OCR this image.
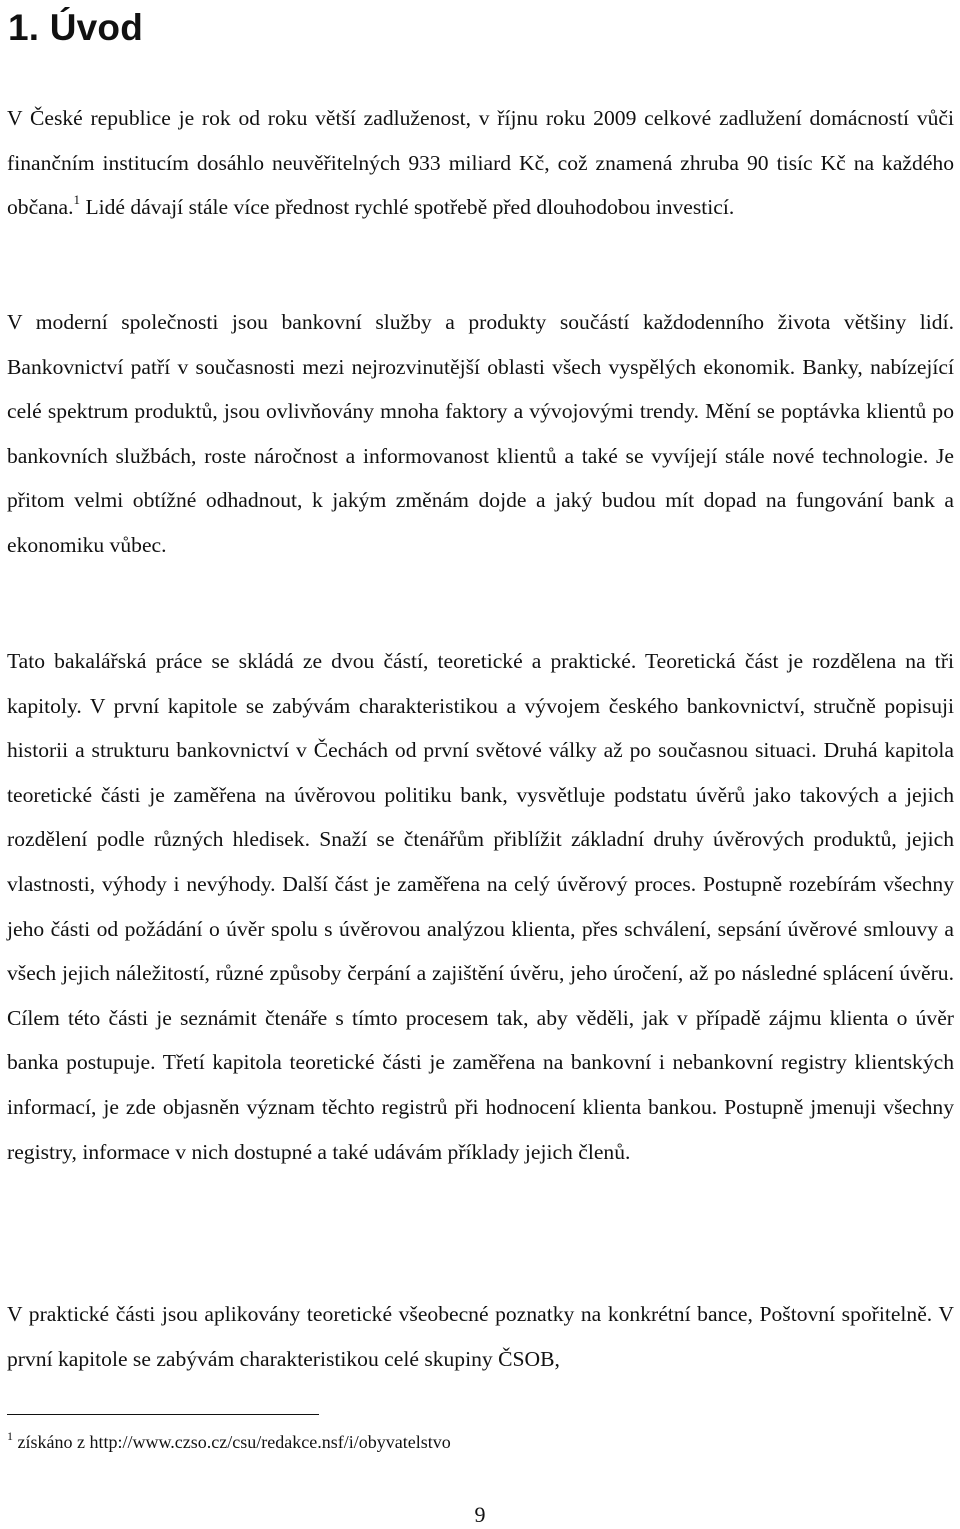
1. Úvod

V České republice je rok od roku větší zadluženost, v říjnu roku 2009 celkové zadlužení domácností vůči finančním institucím dosáhlo neuvěřitelných 933 miliard Kč, což znamená zhruba 90 tisíc Kč na každého občana.$^1$ Lidé dávají stále více přednost rychlé spotřebě před dlouhodobou investicí.

V moderní společnosti jsou bankovní služby a produkty součástí každodenního života většiny lidí. Bankovnictví patří v současnosti mezi nejrozvinutější oblasti všech vyspělých ekonomik. Banky, nabízející celé spektrum produktů, jsou ovlivňovány mnoha faktory a vývojovými trendy. Mění se poptávka klientů po bankovních službách, roste náročnost a informovanost klientů a také se vyvíjejí stále nové technologie. Je přitom velmi obtížné odhadnout, k jakým změnám dojde a jaký budou mít dopad na fungování bank a ekonomiku vůbec.

Tato bakalářská práce se skládá ze dvou částí, teoretické a praktické. Teoretická část je rozdělena na tři kapitoly. V první kapitole se zabývám charakteristikou a vývojem českého bankovnictví, stručně popisuji historii a strukturu bankovnictví v Čechách od první světové války až po současnou situaci. Druhá kapitola teoretické části je zaměřena na úvěrovou politiku bank, vysvětluje podstatu úvěrů jako takových a jejich rozdělení podle různých hledisek. Snaží se čtenářům přiblížit základní druhy úvěrových produktů, jejich vlastnosti, výhody i nevýhody. Další část je zaměřena na celý úvěrový proces. Postupně rozebírám všechny jeho části od požádání o úvěr spolu s úvěrovou analýzou klienta, přes schválení, sepsání úvěrové smlouvy a všech jejich náležitostí, různé způsoby čerpání a zajištění úvěru, jeho úročení, až po následné splácení úvěru. Cílem této části je seznámit čtenáře s tímto procesem tak, aby věděli, jak v případě zájmu klienta o úvěr banka postupuje. Třetí kapitola teoretické části je zaměřena na bankovní i nebankovní registry klientských informací, je zde objasněn význam těchto registrů při hodnocení klienta bankou. Postupně jmenuji všechny registry, informace v nich dostupné a také udávám příklady jejich členů.

V praktické části jsou aplikovány teoretické všeobecné poznatky na konkrétní bance, Poštovní spořitelně. V první kapitole se zabývám charakteristikou celé skupiny ČSOB,

$^1$ získáno z http://www.czso.cz/csu/redakce.nsf/i/obyvatelstvo

9
